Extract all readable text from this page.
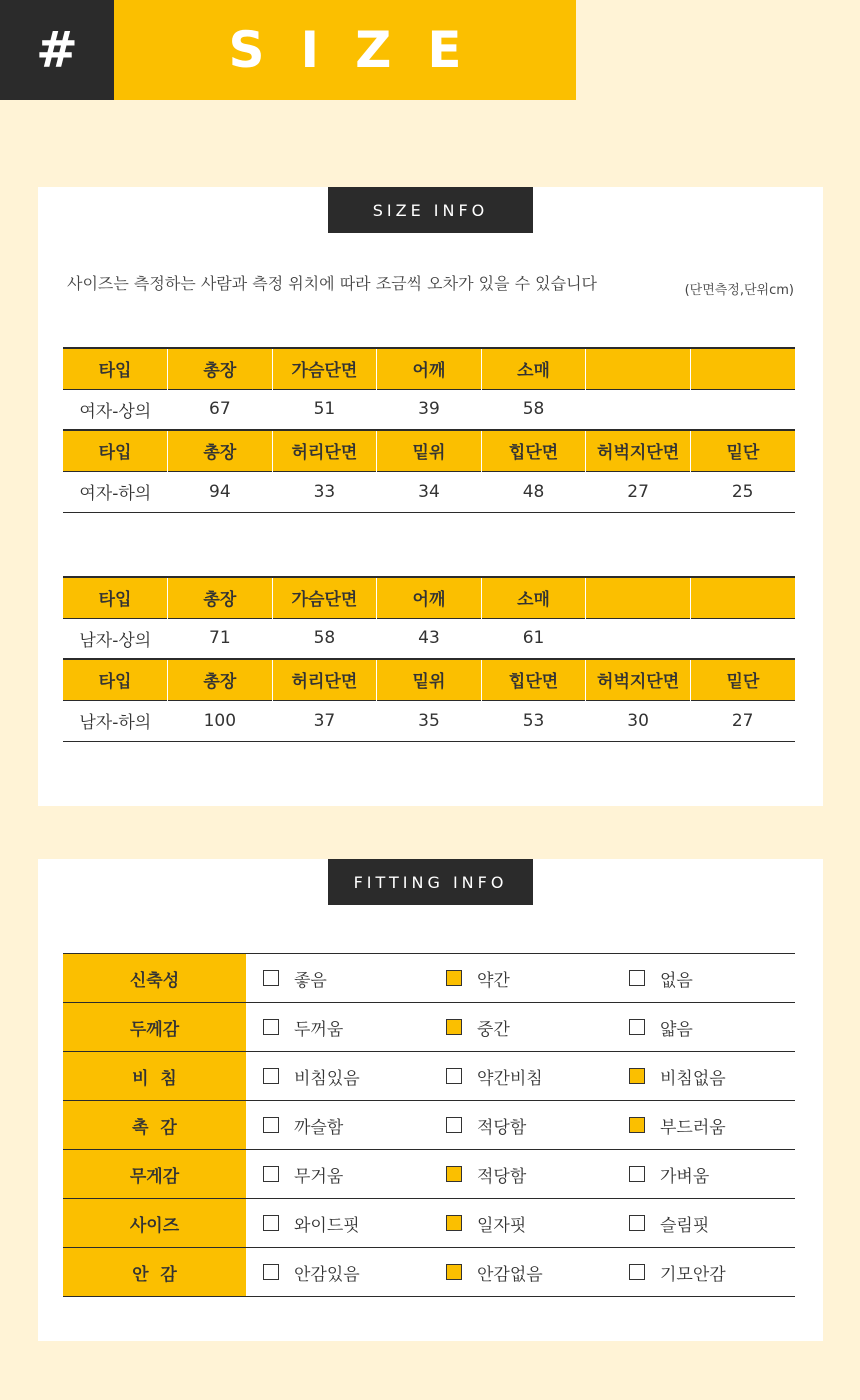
#	SIZE
SIZE INFO
사이즈는 측정하는 사람과 측정 위치에 따라 조금씩 오차가 있을 수 있습니다	(단면측정,단위cm)
타입	총장	가슴단면	어깨	소매		
여자-상의	67	51	39	58		
타입	총장	허리단면	밑위	힙단면	허벅지단면	밑단
여자-하의	94	33	34	48	27	25
타입	총장	가슴단면	어깨	소매		
남자-상의	71	58	43	61		
타입	총장	허리단면	밑위	힙단면	허벅지단면	밑단
남자-하의	100	37	35	53	30	27
FITTING INFO
신축성	좋음	약간	없음

두께감	두꺼움	중간	얇음

비  침	비침있음	약간비침	비침없음

촉  감	까슬함	적당함	부드러움

무게감	무거움	적당함	가벼움

사이즈	와이드핏	일자핏	슬림핏

안  감	안감있음	안감없음	기모안감
